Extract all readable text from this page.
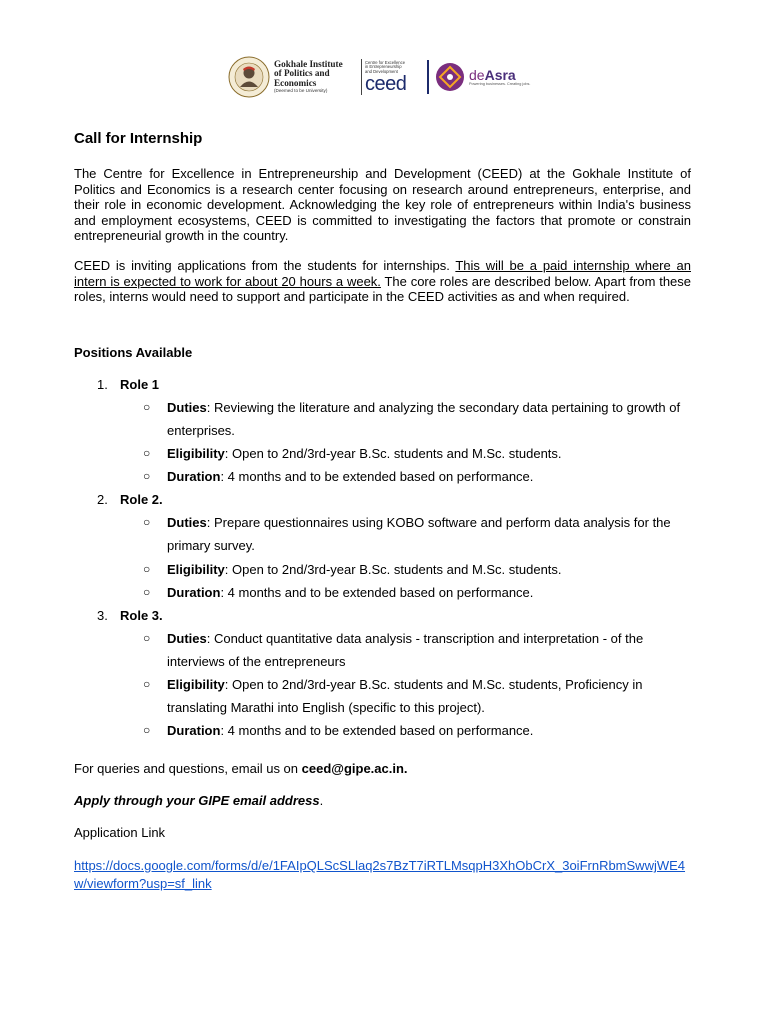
Gokhale Institute
of Politics and
Economics
(Deemed to be University)
Centre for Excellence
in Entrepreneurship
and Development
ceed	deAsra
Powering businesses. Creating jobs.
Call for Internship

The Centre for Excellence in Entrepreneurship and Development (CEED) at the Gokhale Institute of Politics and Economics is a research center focusing on research around entrepreneurs, enterprise, and their role in economic development. Acknowledging the key role of entrepreneurs within India's business and employment ecosystems, CEED is committed to investigating the factors that promote or constrain entrepreneurial growth in the country.

CEED is inviting applications from the students for internships. This will be a paid internship where an intern is expected to work for about 20 hours a week. The core roles are described below. Apart from these roles, interns would need to support and participate in the CEED activities as and when required.

Positions Available

1. Role 1
○	Duties: Reviewing the literature and analyzing the secondary data pertaining to growth of enterprises.
○	Eligibility: Open to 2nd/3rd-year B.Sc. students and M.Sc. students.
○	Duration: 4 months and to be extended based on performance.
2. Role 2.
○	Duties: Prepare questionnaires using KOBO software and perform data analysis for the primary survey.
○	Eligibility: Open to 2nd/3rd-year B.Sc. students and M.Sc. students.
○	Duration: 4 months and to be extended based on performance.
3. Role 3.
○	Duties: Conduct quantitative data analysis - transcription and interpretation - of the interviews of the entrepreneurs
○	Eligibility: Open to 2nd/3rd-year B.Sc. students and M.Sc. students, Proficiency in translating Marathi into English (specific to this project).
○	Duration: 4 months and to be extended based on performance.

For queries and questions, email us on ceed@gipe.ac.in.

Apply through your GIPE email address.

Application Link

https://docs.google.com/forms/d/e/1FAIpQLScSLlaq2s7BzT7iRTLMsqpH3XhObCrX_3oiFrnRbmSwwjWE4w/viewform?usp=sf_link
